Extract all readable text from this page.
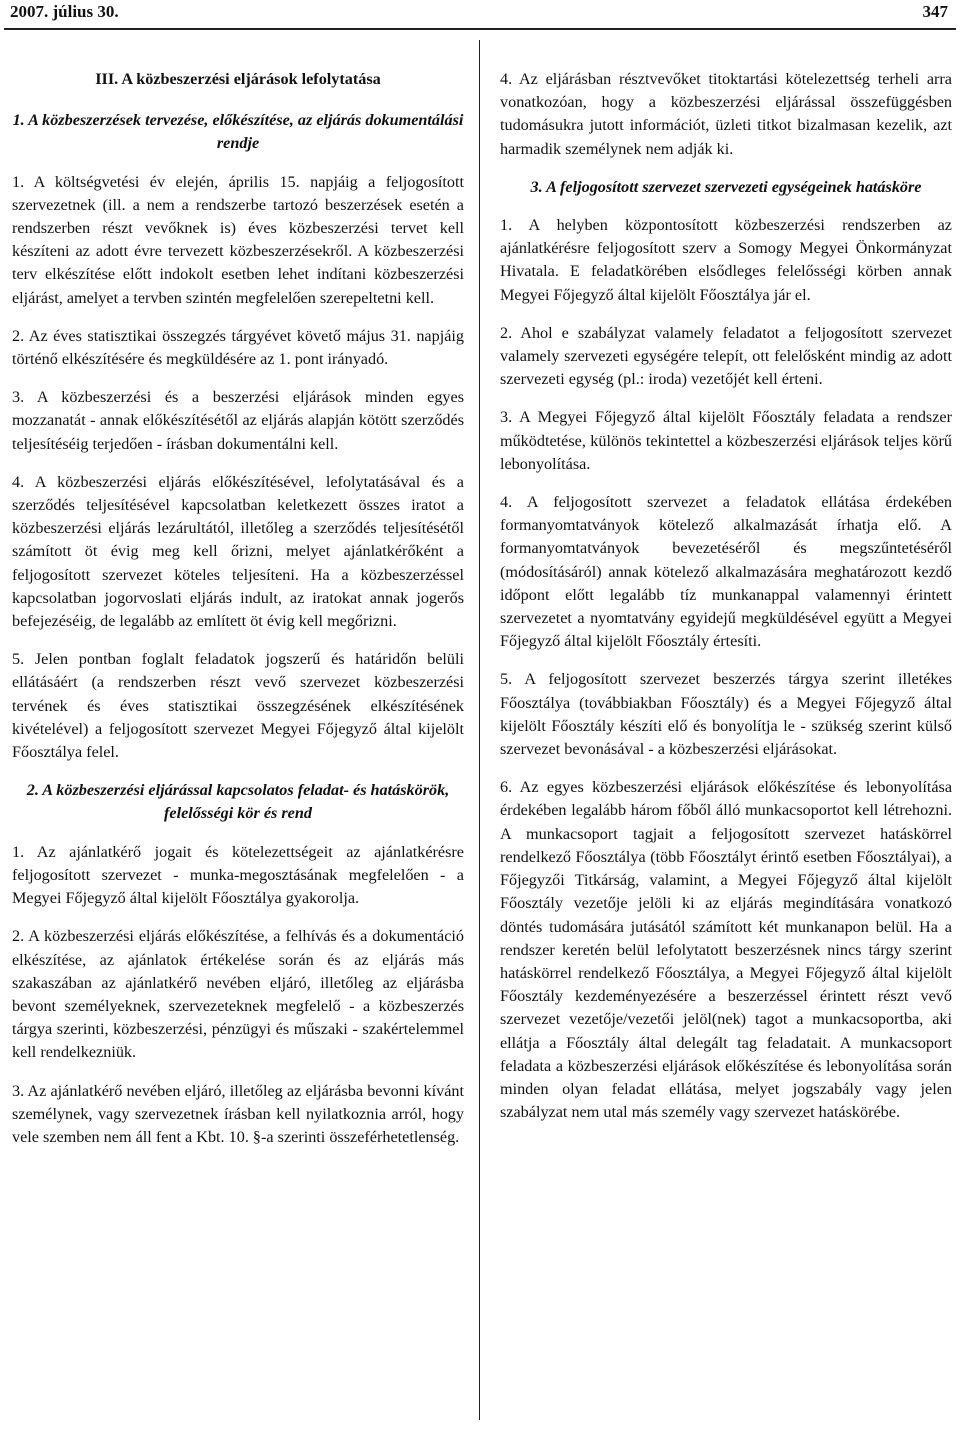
2007. július 30.	347
III. A közbeszerzési eljárások lefolytatása
1. A közbeszerzések tervezése, előkészítése, az eljárás dokumentálási rendje
1. A költségvetési év elején, április 15. napjáig a feljogosított szervezetnek (ill. a nem a rendszerbe tartozó beszerzések esetén a rendszerben részt vevőknek is) éves közbeszerzési tervet kell készíteni az adott évre tervezett közbeszerzésekről. A közbeszerzési terv elkészítése előtt indokolt esetben lehet indítani közbeszerzési eljárást, amelyet a tervben szintén megfelelően szerepeltetni kell.
2. Az éves statisztikai összegzés tárgyévet követő május 31. napjáig történő elkészítésére és megküldésére az 1. pont irányadó.
3. A közbeszerzési és a beszerzési eljárások minden egyes mozzanatát - annak előkészítésétől az eljárás alapján kötött szerződés teljesítéséig terjedően - írásban dokumentálni kell.
4. A közbeszerzési eljárás előkészítésével, lefolytatásával és a szerződés teljesítésével kapcsolatban keletkezett összes iratot a közbeszerzési eljárás lezárultától, illetőleg a szerződés teljesítésétől számított öt évig meg kell őrizni, melyet ajánlatkérőként a feljogosított szervezet köteles teljesíteni. Ha a közbeszerzéssel kapcsolatban jogorvoslati eljárás indult, az iratokat annak jogerős befejezéséig, de legalább az említett öt évig kell megőrizni.
5. Jelen pontban foglalt feladatok jogszerű és határidőn belüli ellátásáért (a rendszerben részt vevő szervezet közbeszerzési tervének és éves statisztikai összegzésének elkészítésének kivételével) a feljogosított szervezet Megyei Főjegyző által kijelölt Főosztálya felel.
2. A közbeszerzési eljárással kapcsolatos feladat- és hatáskörök, felelősségi kör és rend
1. Az ajánlatkérő jogait és kötelezettségeit az ajánlatkérésre feljogosított szervezet - munka-megosztásának megfelelően - a Megyei Főjegyző által kijelölt Főosztálya gyakorolja.
2. A közbeszerzési eljárás előkészítése, a felhívás és a dokumentáció elkészítése, az ajánlatok értékelése során és az eljárás más szakaszában az ajánlatkérő nevében eljáró, illetőleg az eljárásba bevont személyeknek, szervezeteknek megfelelő - a közbeszerzés tárgya szerinti, közbeszerzési, pénzügyi és műszaki - szakértelemmel kell rendelkezniük.
3. Az ajánlatkérő nevében eljáró, illetőleg az eljárásba bevonni kívánt személynek, vagy szervezetnek írásban kell nyilatkoznia arról, hogy vele szemben nem áll fent a Kbt. 10. §-a szerinti összeférhetetlenség.
4. Az eljárásban résztvevőket titoktartási kötelezettség terheli arra vonatkozóan, hogy a közbeszerzési eljárással összefüggésben tudomásukra jutott információt, üzleti titkot bizalmasan kezelik, azt harmadik személynek nem adják ki.
3. A feljogosított szervezet szervezeti egységeinek hatásköre
1. A helyben központosított közbeszerzési rendszerben az ajánlatkérésre feljogosított szerv a Somogy Megyei Önkormányzat Hivatala. E feladatkörében elsődleges felelősségi körben annak Megyei Főjegyző által kijelölt Főosztálya jár el.
2. Ahol e szabályzat valamely feladatot a feljogosított szervezet valamely szervezeti egységére telepít, ott felelősként mindig az adott szervezeti egység (pl.: iroda) vezetőjét kell érteni.
3. A Megyei Főjegyző által kijelölt Főosztály feladata a rendszer működtetése, különös tekintettel a közbeszerzési eljárások teljes körű lebonyolítása.
4. A feljogosított szervezet a feladatok ellátása érdekében formanyomtatványok kötelező alkalmazását írhatja elő. A formanyomtatványok bevezetéséről és megszűntetéséről (módosításáról) annak kötelező alkalmazására meghatározott kezdő időpont előtt legalább tíz munkanappal valamennyi érintett szervezetet a nyomtatvány egyidejű megküldésével együtt a Megyei Főjegyző által kijelölt Főosztály értesíti.
5. A feljogosított szervezet beszerzés tárgya szerint illetékes Főosztálya (továbbiakban Főosztály) és a Megyei Főjegyző által kijelölt Főosztály készíti elő és bonyolítja le - szükség szerint külső szervezet bevonásával - a közbeszerzési eljárásokat.
6. Az egyes közbeszerzési eljárások előkészítése és lebonyolítása érdekében legalább három főből álló munkacsoportot kell létrehozni. A munkacsoport tagjait a feljogosított szervezet hatáskörrel rendelkező Főosztálya (több Főosztályt érintő esetben Főosztályai), a Főjegyzői Titkárság, valamint, a Megyei Főjegyző által kijelölt Főosztály vezetője jelöli ki az eljárás megindítására vonatkozó döntés tudomására jutásától számított két munkanapon belül. Ha a rendszer keretén belül lefolytatott beszerzésnek nincs tárgy szerint hatáskörrel rendelkező Főosztálya, a Megyei Főjegyző által kijelölt Főosztály kezdeményezésére a beszerzéssel érintett részt vevő szervezet vezetője/vezetői jelöl(nek) tagot a munkacsoportba, aki ellátja a Főosztály által delegált tag feladatait. A munkacsoport feladata a közbeszerzési eljárások előkészítése és lebonyolítása során minden olyan feladat ellátása, melyet jogszabály vagy jelen szabályzat nem utal más személy vagy szervezet hatáskörébe.
